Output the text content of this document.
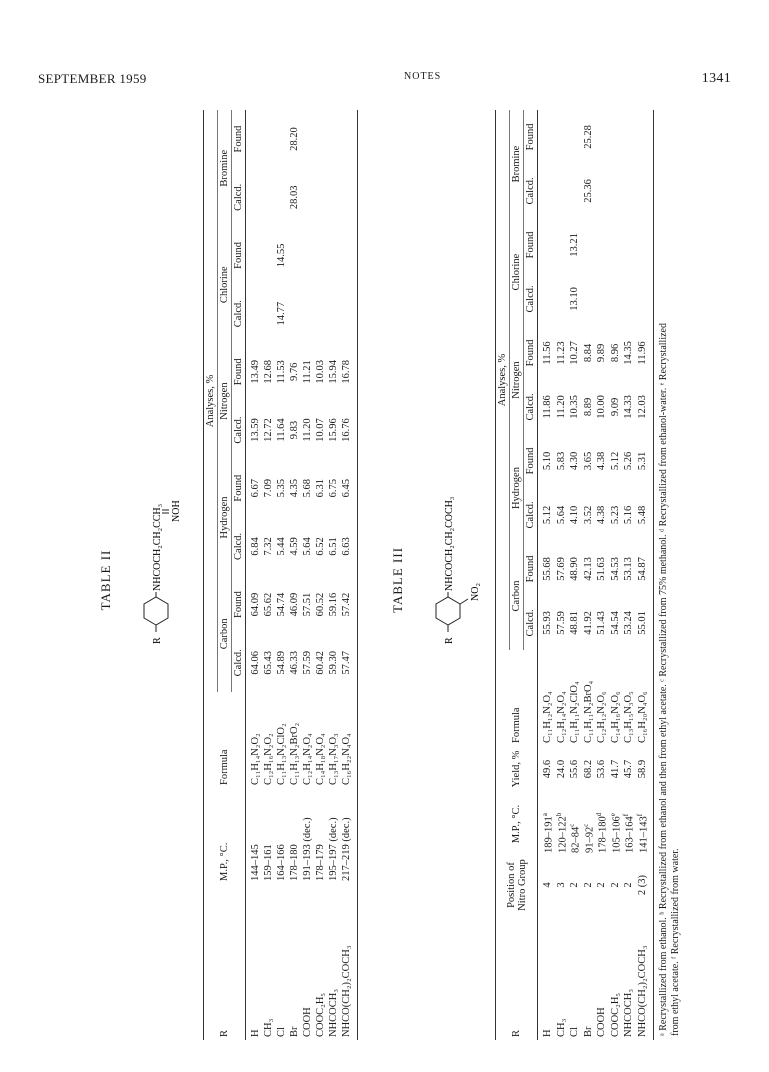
SEPTEMBER 1959	NOTES	1341
TABLE II
R
NHCOCH₂CH₂CCH₃ NOH
R	M.P., °C.	Formula	Analyses, %									
			Carbon		Hydrogen		Nitrogen		Chlorine		Bromine	
			Calcd.	Found	Calcd.	Found	Calcd.	Found	Calcd.	Found	Calcd.	Found
H	144–145	C₁₁H₁₄N₂O₂	64.06	64.09	6.84	6.67	13.59	13.49				
CH₃	159–161	C₁₂H₁₆N₂O₂	65.43	65.62	7.32	7.09	12.72	12.68				
Cl	164–166	C₁₁H₁₃N₂ClO₂	54.89	54.74	5.44	5.35	11.64	11.53	14.77	14.55		
Br	178–180	C₁₁H₁₃N₂BrO₂	46.33	46.09	4.59	4.35	9.83	9.76			28.03	28.20
COOH	191–193 (dec.)	C₁₂H₁₄N₂O₄	57.59	57.51	5.64	5.68	11.20	11.21				
COOC₂H₅	178–179	C₁₄H₁₈N₂O₄	60.42	60.52	6.52	6.31	10.07	10.03				
NHCOCH₃	195–197 (dec.)	C₁₃H₁₇N₃O₃	59.30	59.16	6.51	6.75	15.96	15.94				
NHCO(CH₂)₂COCH₃	217–219 (dec.)	C₁₆H₂₂N₄O₄	57.47	57.42	6.63	6.45	16.76	16.78				
TABLE III
R
NHCOCH₂CH₂COCH₃
NO₂
R	Position of Nitro Group	M.P., °C.	Yield, %	Formula	Analyses, %									
					Carbon		Hydrogen		Nitrogen		Chlorine		Bromine	
					Calcd.	Found	Calcd.	Found	Calcd.	Found	Calcd.	Found	Calcd.	Found
H	4	189–191$^a$	49.6	C₁₁H₁₂N₂O₄	55.93	55.68	5.12	5.10	11.86	11.56				
CH₃	3	120–122$^b$	24.0	C₁₂H₁₄N₂O₄	57.59	57.69	5.64	5.83	11.20	11.23				
Cl	2	82–84$^c$	55.6	C₁₁H₁₁N₂ClO₄	48.81	48.90	4.10	4.30	10.35	10.27	13.10	13.21		
Br	2	91–92$^c$	68.2	C₁₁H₁₁N₂BrO₄	41.92	42.13	3.52	3.65	8.89	8.84			25.36	25.28
COOH	2	178–180$^d$	53.6	C₁₂H₁₂N₂O₆	51.43	51.63	4.38	4.38	10.00	9.89				
COOC₂H₅	2	105–106e	41.7	C₁₄H₁₆N₂O₆	54.54	54.53	5.23	5.12	9.09	8.96				
NHCOCH₃	2	163–164$^f$	45.7	C₁₃H₁₅N₃O₅	53.24	53.13	5.16	5.26	14.33	14.35				
NHCO(CH₂)₂COCH₃	2 (3)	141–143$^f$	58.9	C₁₆H₂₀N₄O₆	55.01	54.87	5.48	5.31	12.03	11.96				ᵃ Recrystallized from ethanol. ᵇ Recrystallized from ethanol and then from ethyl acetate. ᶜ Recrystallized from 75% methanol. ᵈ Recrystallized from ethanol-water. ᵉ Recrystallized from ethyl acetate. ᶠ Recrystallized from water.
